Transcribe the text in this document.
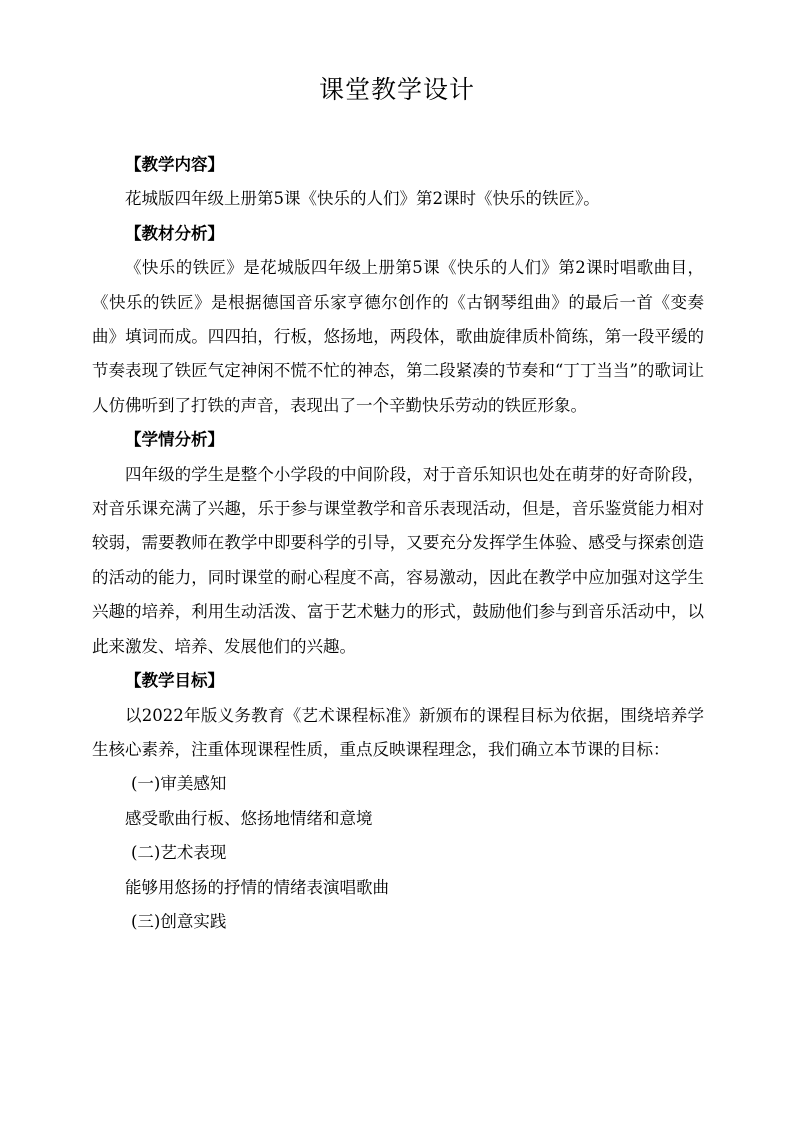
课堂教学设计

【教学内容】

花城版四年级上册第5课《快乐的人们》第2课时《快乐的铁匠》。

【教材分析】

《快乐的铁匠》是花城版四年级上册第5课《快乐的人们》第2课时唱歌曲目，《快乐的铁匠》是根据德国音乐家亨德尔创作的《古钢琴组曲》的最后一首《变奏曲》填词而成。四四拍，行板，悠扬地，两段体，歌曲旋律质朴简练，第一段平缓的节奏表现了铁匠气定神闲不慌不忙的神态，第二段紧凑的节奏和“丁丁当当”的歌词让人仿佛听到了打铁的声音，表现出了一个辛勤快乐劳动的铁匠形象。

【学情分析】

四年级的学生是整个小学段的中间阶段，对于音乐知识也处在萌芽的好奇阶段，对音乐课充满了兴趣，乐于参与课堂教学和音乐表现活动，但是，音乐鉴赏能力相对较弱，需要教师在教学中即要科学的引导，又要充分发挥学生体验、感受与探索创造的活动的能力，同时课堂的耐心程度不高，容易激动，因此在教学中应加强对这学生兴趣的培养，利用生动活泼、富于艺术魅力的形式，鼓励他们参与到音乐活动中，以此来激发、培养、发展他们的兴趣。

【教学目标】

以2022年版义务教育《艺术课程标准》新颁布的课程目标为依据，围绕培养学生核心素养，注重体现课程性质，重点反映课程理念，我们确立本节课的目标：

(一)审美感知

感受歌曲行板、悠扬地情绪和意境

(二)艺术表现

能够用悠扬的抒情的情绪表演唱歌曲

(三)创意实践
